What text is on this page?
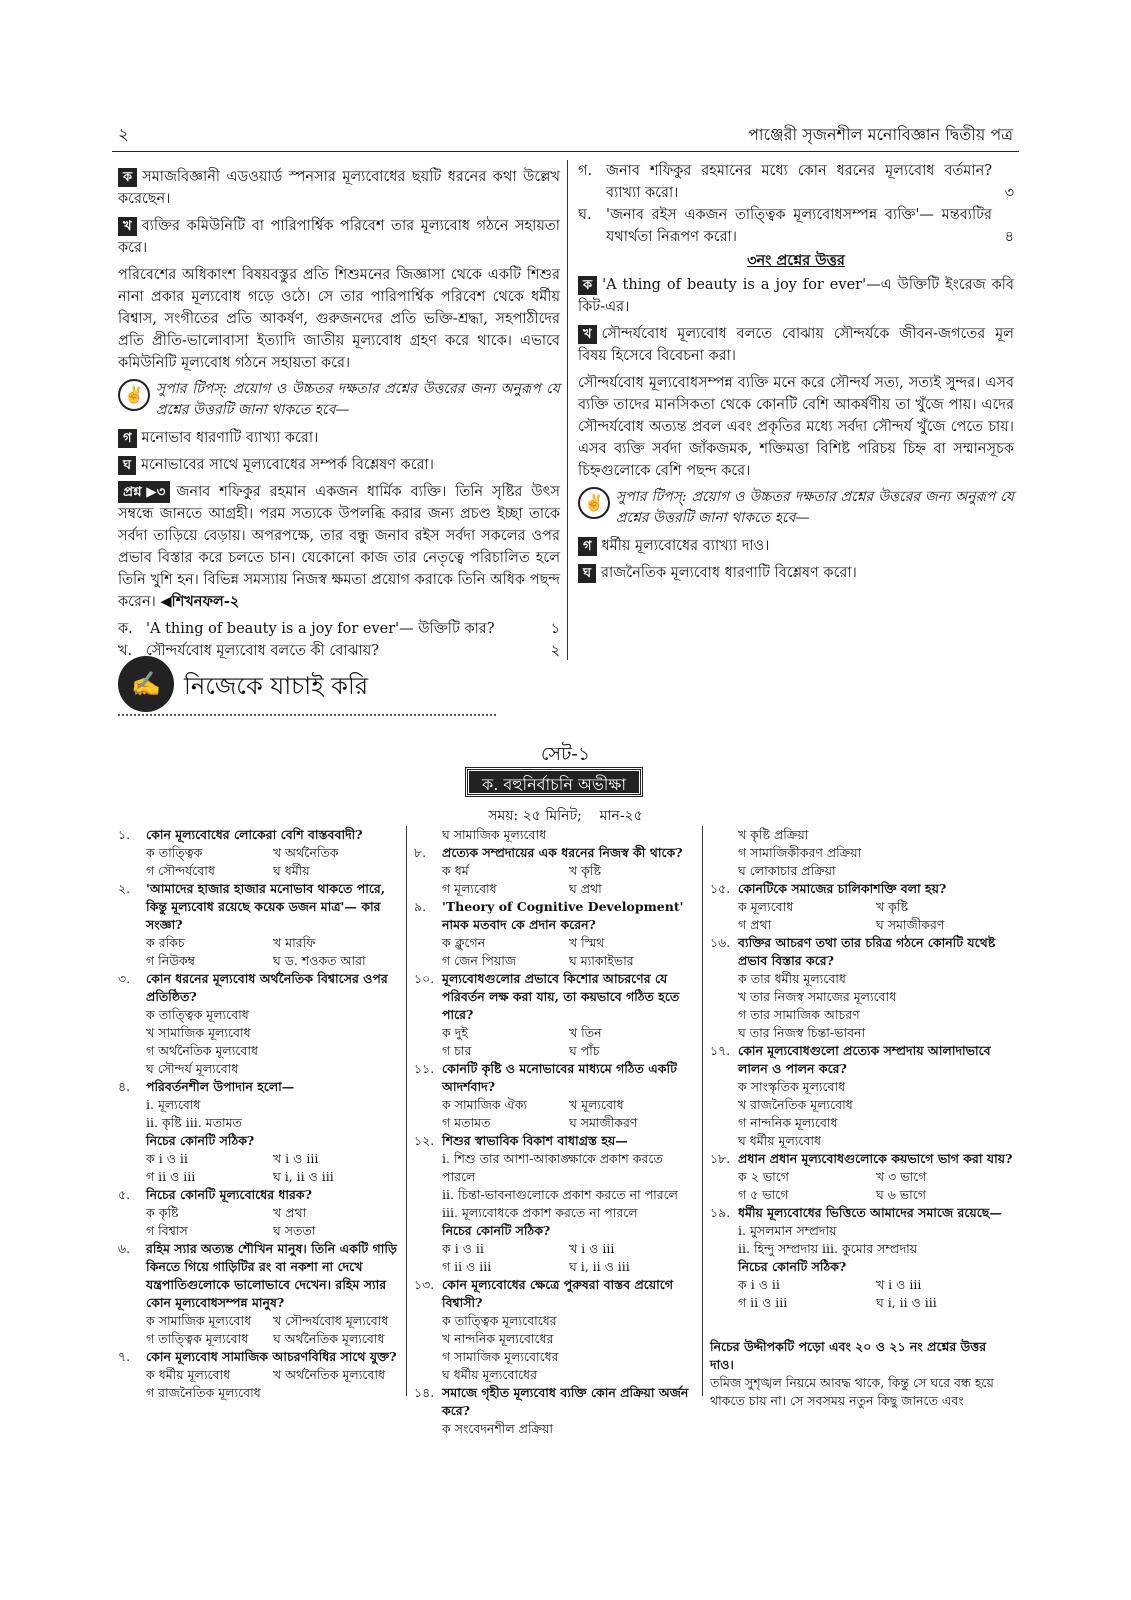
২	পাঞ্জেরী সৃজনশীল মনোবিজ্ঞান দ্বিতীয় পত্র
ক সমাজবিজ্ঞানী এডওয়ার্ড স্পনসার মূল্যবোধের ছয়টি ধরনের কথা উল্লেখ করেছেন।
খ ব্যক্তির কমিউনিটি বা পারিপার্শ্বিক পরিবেশ তার মূল্যবোধ গঠনে সহায়তা করে।
পরিবেশের অধিকাংশ বিষয়বস্তুর প্রতি শিশুমনের জিজ্ঞাসা থেকে একটি শিশুর নানা প্রকার মূল্যবোধ গড়ে ওঠে। সে তার পারিপার্শ্বিক পরিবেশ থেকে ধর্মীয় বিশ্বাস, সংগীতের প্রতি আকর্ষণ, গুরুজনদের প্রতি ভক্তি-শ্রদ্ধা, সহপাঠীদের প্রতি প্রীতি-ভালোবাসা ইত্যাদি জাতীয় মূল্যবোধ গ্রহণ করে থাকে। এভাবে কমিউনিটি মূল্যবোধ গঠনে সহায়তা করে।
✌ সুপার টিপস্: প্রয়োগ ও উচ্চতর দক্ষতার প্রশ্নের উত্তরের জন্য অনুরূপ যে প্রশ্নের উত্তরটি জানা থাকতে হবে—
গ মনোভাব ধারণাটি ব্যাখ্যা করো।
ঘ মনোভাবের সাথে মূল্যবোধের সম্পর্ক বিশ্লেষণ করো।
প্রশ্ন ▶৩ জনাব শফিকুর রহমান একজন ধার্মিক ব্যক্তি। তিনি সৃষ্টির উৎস সম্বন্ধে জানতে আগ্রহী। পরম সত্যকে উপলব্ধি করার জন্য প্রচণ্ড ইচ্ছা তাকে সর্বদা তাড়িয়ে বেড়ায়। অপরপক্ষে, তার বন্ধু জনাব রইস সর্বদা সকলের ওপর প্রভাব বিস্তার করে চলতে চান। যেকোনো কাজ তার নেতৃত্বে পরিচালিত হলে তিনি খুশি হন। বিভিন্ন সমস্যায় নিজস্ব ক্ষমতা প্রয়োগ করাকে তিনি অধিক পছন্দ করেন। ◀শিখনফল-২
ক. 'A thing of beauty is a joy for ever'— উক্তিটি কার?	১
খ. সৌন্দর্যবোধ মূল্যবোধ বলতে কী বোঝায়?	২
গ. জনাব শফিকুর রহমানের মধ্যে কোন ধরনের মূল্যবোধ বর্তমান? ব্যাখ্যা করো।	৩
ঘ. 'জনাব রইস একজন তাত্ত্বিক মূল্যবোধসম্পন্ন ব্যক্তি'— মন্তব্যটির যথার্থতা নিরূপণ করো।	৪
৩নং প্রশ্নের উত্তর
ক 'A thing of beauty is a joy for ever'—এ উক্তিটি ইংরেজ কবি কিট-এর।
খ সৌন্দর্যবোধ মূল্যবোধ বলতে বোঝায় সৌন্দর্যকে জীবন-জগতের মূল বিষয় হিসেবে বিবেচনা করা।
সৌন্দর্যবোধ মূল্যবোধসম্পন্ন ব্যক্তি মনে করে সৌন্দর্য সত্য, সত্যই সুন্দর। এসব ব্যক্তি তাদের মানসিকতা থেকে কোনটি বেশি আকর্ষণীয় তা খুঁজে পায়। এদের সৌন্দর্যবোধ অত্যন্ত প্রবল এবং প্রকৃতির মধ্যে সর্বদা সৌন্দর্য খুঁজে পেতে চায়। এসব ব্যক্তি সর্বদা জাঁকজমক, শক্তিমত্তা বিশিষ্ট পরিচয় চিহ্ন বা সম্মানসূচক চিহ্নগুলোকে বেশি পছন্দ করে।
✌ সুপার টিপস্: প্রয়োগ ও উচ্চতর দক্ষতার প্রশ্নের উত্তরের জন্য অনুরূপ যে প্রশ্নের উত্তরটি জানা থাকতে হবে—
গ ধর্মীয় মূল্যবোধের ব্যাখ্যা দাও।
ঘ রাজনৈতিক মূল্যবোধ ধারণাটি বিশ্লেষণ করো।
✍ নিজেকে যাচাই করি
সেট-১
ক. বহুনির্বাচনি অভীক্ষা
সময়: ২৫ মিনিট; মান-২৫
১.	কোন মূল্যবোধের লোকেরা বেশি বাস্তববাদী?
ক তাত্ত্বিক	খ অর্থনৈতিক
গ সৌন্দর্যবোধ	ঘ ধর্মীয়
২.	'আমাদের হাজার হাজার মনোভাব থাকতে পারে, কিন্তু মূল্যবোধ রয়েছে কয়েক ডজন মাত্র'— কার সংজ্ঞা?
ক রকিচ	খ মারফি
গ নিউকম্ব	ঘ ড. শওকত আরা
৩.	কোন ধরনের মূল্যবোধ অর্থনৈতিক বিশ্বাসের ওপর প্রতিষ্ঠিত?
ক তাত্ত্বিক মূল্যবোধ
খ সামাজিক মূল্যবোধ
গ অর্থনৈতিক মূল্যবোধ
ঘ সৌন্দর্য মূল্যবোধ
৪.	পরিবর্তনশীল উপাদান হলো—
i. মূল্যবোধ
ii. কৃষ্টি iii. মতামত
নিচের কোনটি সঠিক?
ক i ও ii	খ i ও iii
গ ii ও iii	ঘ i, ii ও iii
৫.	নিচের কোনটি মূল্যবোধের ধারক?
ক কৃষ্টি	খ প্রথা
গ বিশ্বাস	ঘ সততা
৬.	রহিম স্যার অত্যন্ত শৌখিন মানুষ। তিনি একটি গাড়ি কিনতে গিয়ে গাড়িটির রং বা নকশা না দেখে যন্ত্রপাতিগুলোকে ভালোভাবে দেখেন। রহিম স্যার কোন মূল্যবোধসম্পন্ন মানুষ?
ক সামাজিক মূল্যবোধ	খ সৌন্দর্যবোধ মূল্যবোধ
গ তাত্ত্বিক মূল্যবোধ	ঘ অর্থনৈতিক মূল্যবোধ
৭.	কোন মূল্যবোধ সামাজিক আচরণবিধির সাথে যুক্ত?
ক ধর্মীয় মূল্যবোধ	খ অর্থনৈতিক মূল্যবোধ
গ রাজনৈতিক মূল্যবোধ
ঘ সামাজিক মূল্যবোধ
৮.	প্রত্যেক সম্প্রদায়ের এক ধরনের নিজস্ব কী থাকে?
ক ধর্ম	খ কৃষ্টি
গ মূল্যবোধ	ঘ প্রথা
৯.	'Theory of Cognitive Development' নামক মতবাদ কে প্রদান করেন?
ক ক্লুগেন	খ স্মিথ
গ জেন পিয়াজ	ঘ ম্যাকাইভার
১০. মূল্যবোধগুলোর প্রভাবে কিশোর আচরণের যে পরিবর্তন লক্ষ করা যায়, তা কয়ভাবে গঠিত হতে পারে?
ক দুই	খ তিন
গ চার	ঘ পাঁচ
১১. কোনটি কৃষ্টি ও মনোভাবের মাধ্যমে গঠিত একটি আদর্শবাদ?
ক সামাজিক ঐক্য	খ মূল্যবোধ
গ মতামত	ঘ সমাজীকরণ
১২. শিশুর স্বাভাবিক বিকাশ বাধাগ্রস্ত হয়—
i. শিশু তার আশা-আকাঙ্ক্ষাকে প্রকাশ করতে পারলে
ii. চিন্তা-ভাবনাগুলোকে প্রকাশ করতে না পারলে
iii. মূল্যবোধকে প্রকাশ করতে না পারলে
নিচের কোনটি সঠিক?
ক i ও ii	খ i ও iii
গ ii ও iii	ঘ i, ii ও iii
১৩. কোন মূল্যবোধের ক্ষেত্রে পুরুষরা বাস্তব প্রয়োগে বিশ্বাসী?
ক তাত্ত্বিক মূল্যবোধের
খ নান্দনিক মূল্যবোধের
গ সামাজিক মূল্যবোধের
ঘ ধর্মীয় মূল্যবোধের
১৪. সমাজে গৃহীত মূল্যবোধ ব্যক্তি কোন প্রক্রিয়া অর্জন করে?
ক সংবেদনশীল প্রক্রিয়া
খ কৃষ্টি প্রক্রিয়া
গ সামাজিকীকরণ প্রক্রিয়া
ঘ লোকাচার প্রক্রিয়া
১৫. কোনটিকে সমাজের চালিকাশক্তি বলা হয়?
ক মূল্যবোধ	খ কৃষ্টি
গ প্রথা	ঘ সমাজীকরণ
১৬. ব্যক্তির আচরণ তথা তার চরিত্র গঠনে কোনটি যথেষ্ট প্রভাব বিস্তার করে?
ক তার ধর্মীয় মূল্যবোধ
খ তার নিজস্ব সমাজের মূল্যবোধ
গ তার সামাজিক আচরণ
ঘ তার নিজস্ব চিন্তা-ভাবনা
১৭. কোন মূল্যবোধগুলো প্রত্যেক সম্প্রদায় আলাদাভাবে লালন ও পালন করে?
ক সাংস্কৃতিক মূল্যবোধ
খ রাজনৈতিক মূল্যবোধ
গ নান্দনিক মূল্যবোধ
ঘ ধর্মীয় মূল্যবোধ
১৮. প্রধান প্রধান মূল্যবোধগুলোকে কয়ভাগে ভাগ করা যায়?
ক ২ ভাগে	খ ৩ ভাগে
গ ৫ ভাগে	ঘ ৬ ভাগে
১৯. ধর্মীয় মূল্যবোধের ভিত্তিতে আমাদের সমাজে রয়েছে—
i. মুসলমান সম্প্রদায়
ii. হিন্দু সম্প্রদায় iii. কুমোর সম্প্রদায়
নিচের কোনটি সঠিক?
ক i ও ii	খ i ও iii
গ ii ও iii	ঘ i, ii ও iii
নিচের উদ্দীপকটি পড়ো এবং ২০ ও ২১ নং প্রশ্নের উত্তর দাও।
তমিজ সুশৃঙ্খল নিয়মে আবদ্ধ থাকে, কিন্তু সে ঘরে বন্ধ হয়ে থাকতে চায় না। সে সবসময় নতুন কিছু জানতে এবং
